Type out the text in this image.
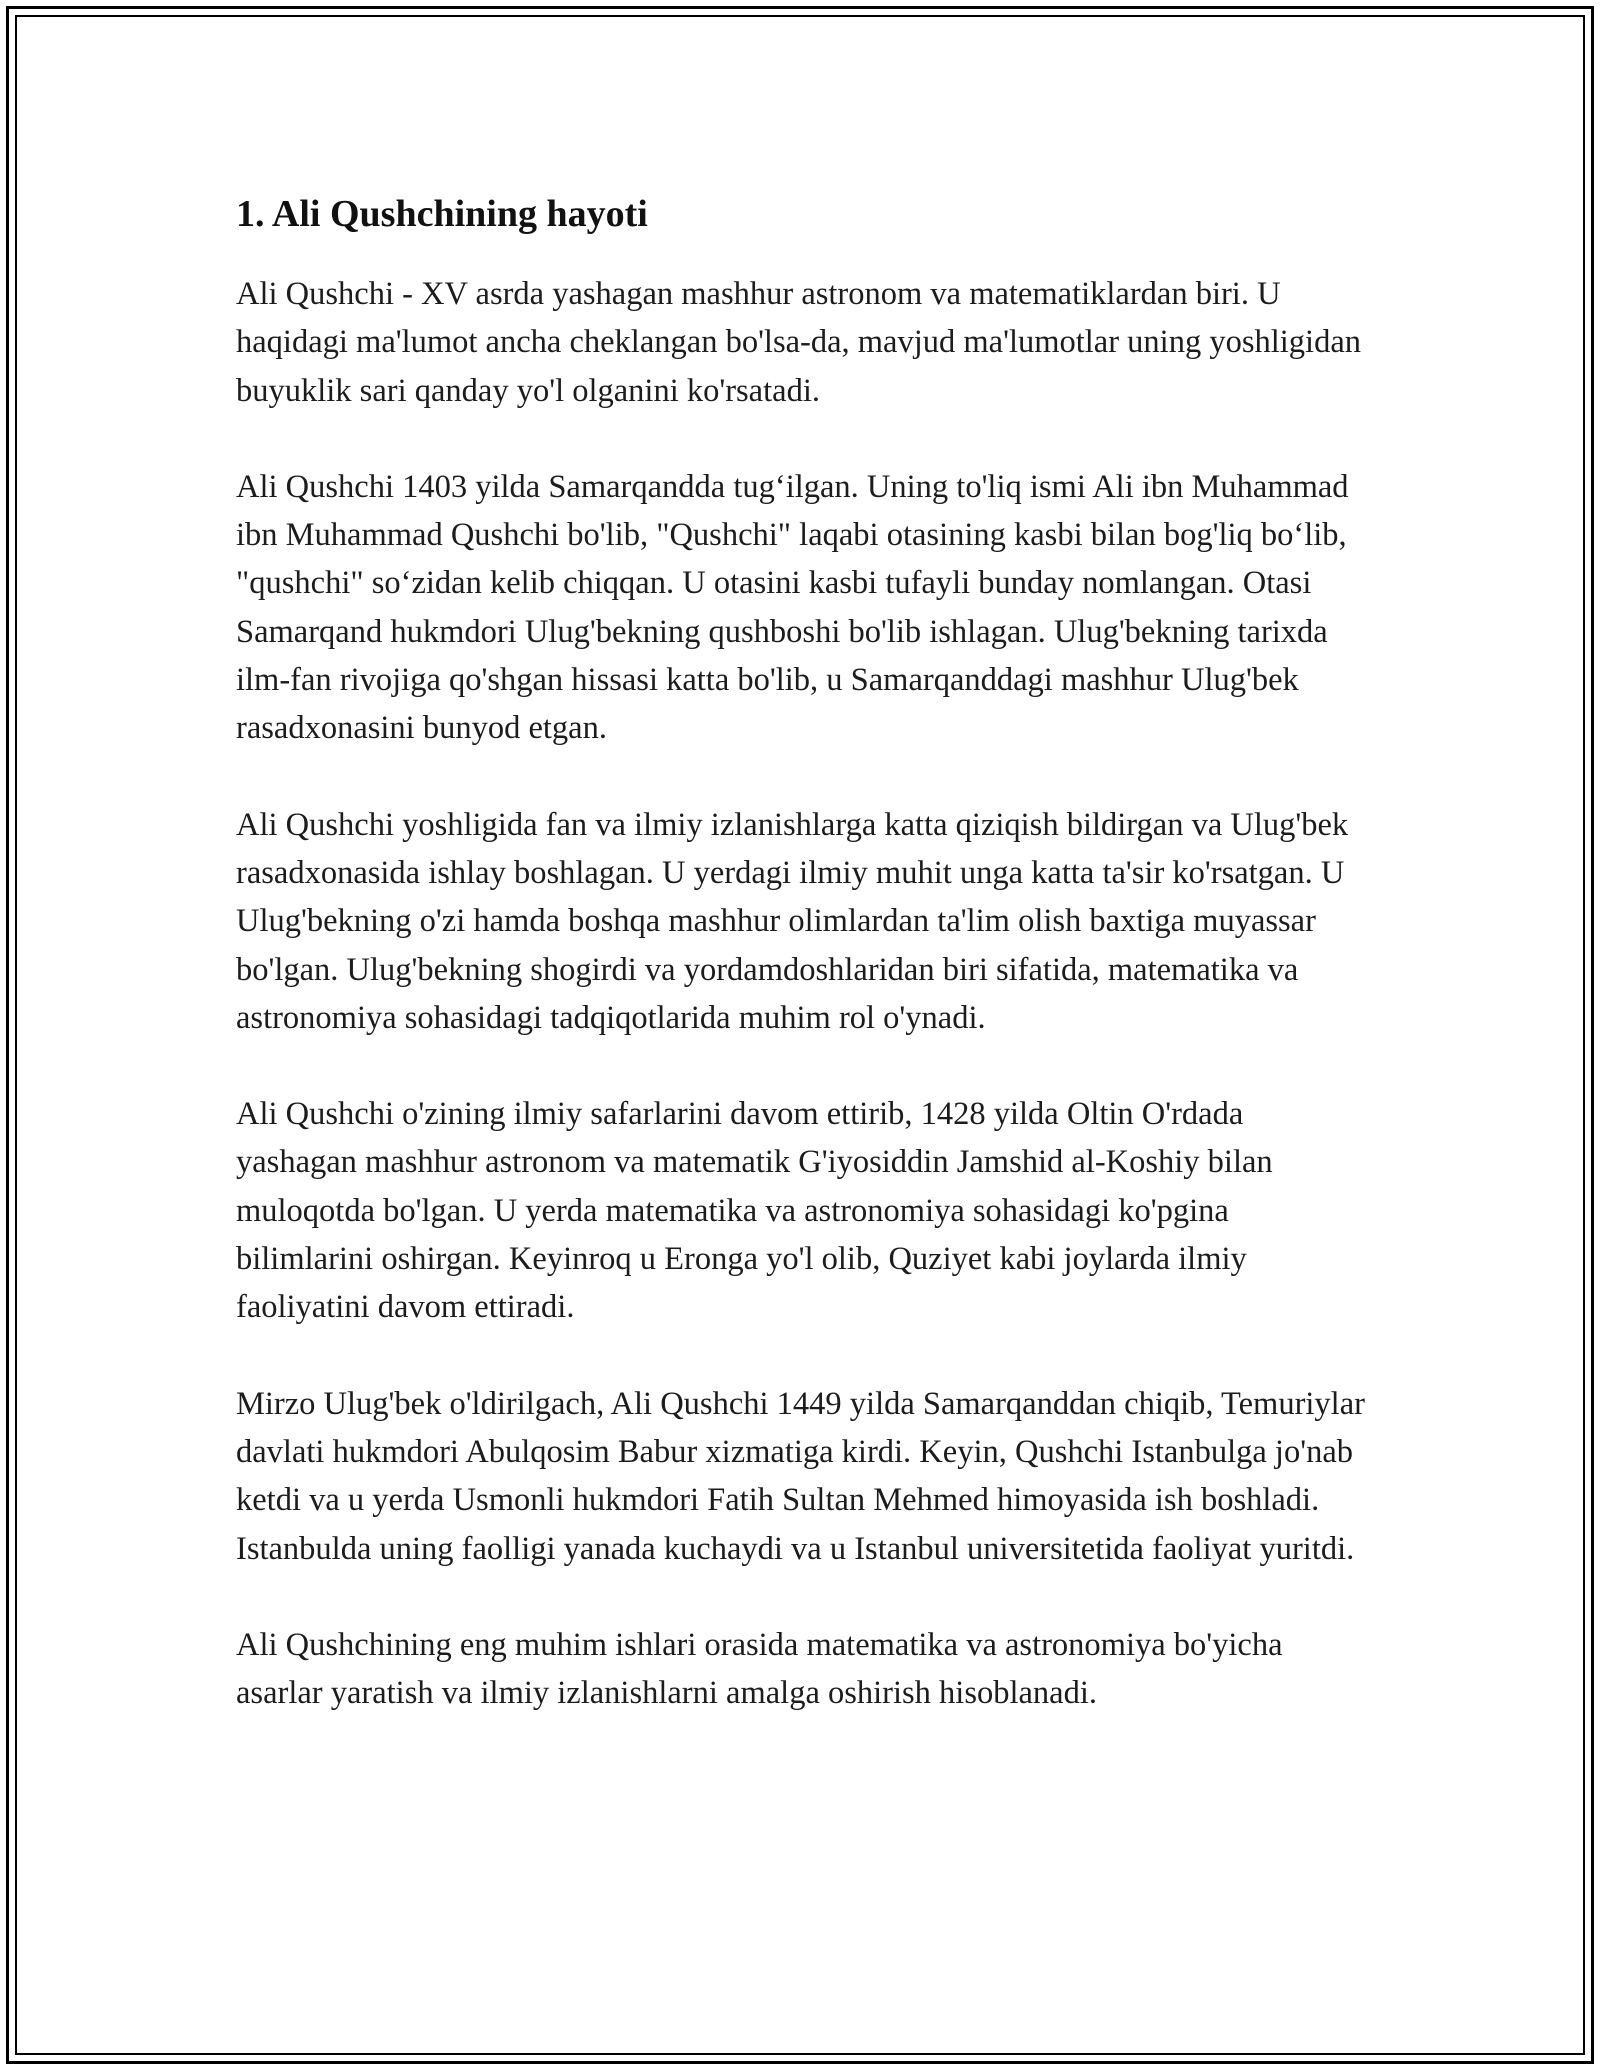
1. Ali Qushchining hayoti

Ali Qushchi - XV asrda yashagan mashhur astronom va matematiklardan biri. U haqidagi ma'lumot ancha cheklangan bo'lsa-da, mavjud ma'lumotlar uning yoshligidan buyuklik sari qanday yo'l olganini ko'rsatadi.

Ali Qushchi 1403 yilda Samarqandda tug‘ilgan. Uning to'liq ismi Ali ibn Muhammad ibn Muhammad Qushchi bo'lib, "Qushchi" laqabi otasining kasbi bilan bog'liq bo‘lib, "qushchi" so‘zidan kelib chiqqan. U otasini kasbi tufayli bunday nomlangan. Otasi Samarqand hukmdori Ulug'bekning qushboshi bo'lib ishlagan. Ulug'bekning tarixda ilm-fan rivojiga qo'shgan hissasi katta bo'lib, u Samarqanddagi mashhur Ulug'bek rasadxonasini bunyod etgan.

Ali Qushchi yoshligida fan va ilmiy izlanishlarga katta qiziqish bildirgan va Ulug'bek rasadxonasida ishlay boshlagan. U yerdagi ilmiy muhit unga katta ta'sir ko'rsatgan. U Ulug'bekning o'zi hamda boshqa mashhur olimlardan ta'lim olish baxtiga muyassar bo'lgan. Ulug'bekning shogirdi va yordamdoshlaridan biri sifatida, matematika va astronomiya sohasidagi tadqiqotlarida muhim rol o'ynadi.

Ali Qushchi o'zining ilmiy safarlarini davom ettirib, 1428 yilda Oltin O'rdada yashagan mashhur astronom va matematik G'iyosiddin Jamshid al-Koshiy bilan muloqotda bo'lgan. U yerda matematika va astronomiya sohasidagi ko'pgina bilimlarini oshirgan. Keyinroq u Eronga yo'l olib, Quziyet kabi joylarda ilmiy faoliyatini davom ettiradi.

Mirzo Ulug'bek o'ldirilgach, Ali Qushchi 1449 yilda Samarqanddan chiqib, Temuriylar davlati hukmdori Abulqosim Babur xizmatiga kirdi. Keyin, Qushchi Istanbulga jo'nab ketdi va u yerda Usmonli hukmdori Fatih Sultan Mehmed himoyasida ish boshladi. Istanbulda uning faolligi yanada kuchaydi va u Istanbul universitetida faoliyat yuritdi.

Ali Qushchining eng muhim ishlari orasida matematika va astronomiya bo'yicha asarlar yaratish va ilmiy izlanishlarni amalga oshirish hisoblanadi.
